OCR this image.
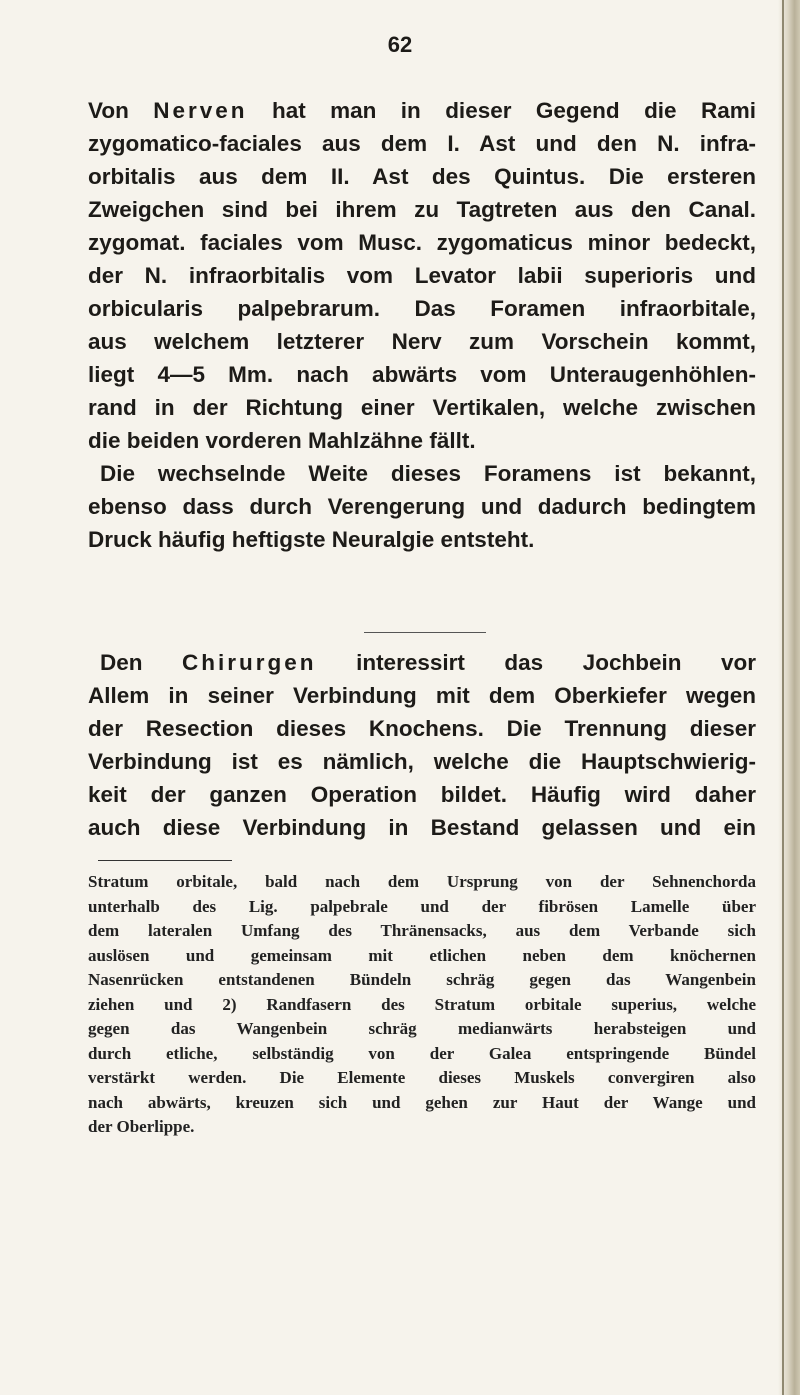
62

Von Nerven hat man in dieser Gegend die Rami

zygomatico-faciales aus dem I. Ast und den N. infra-

orbitalis aus dem II. Ast des Quintus. Die ersteren

Zweigchen sind bei ihrem zu Tagtreten aus den Canal.

zygomat. faciales vom Musc. zygomaticus minor bedeckt,

der N. infraorbitalis vom Levator labii superioris und

orbicularis palpebrarum. Das Foramen infraorbitale,

aus welchem letzterer Nerv zum Vorschein kommt,

liegt 4—5 Mm. nach abwärts vom Unteraugenhöhlen-

rand in der Richtung einer Vertikalen, welche zwischen

die beiden vorderen Mahlzähne fällt.

Die wechselnde Weite dieses Foramens ist bekannt,

ebenso dass durch Verengerung und dadurch bedingtem

Druck häufig heftigste Neuralgie entsteht.

Den Chirurgen interessirt das Jochbein vor

Allem in seiner Verbindung mit dem Oberkiefer wegen

der Resection dieses Knochens. Die Trennung dieser

Verbindung ist es nämlich, welche die Hauptschwierig-

keit der ganzen Operation bildet. Häufig wird daher

auch diese Verbindung in Bestand gelassen und ein

Stratum orbitale, bald nach dem Ursprung von der Sehnenchorda

unterhalb des Lig. palpebrale und der fibrösen Lamelle über

dem lateralen Umfang des Thränensacks, aus dem Verbande sich

auslösen und gemeinsam mit etlichen neben dem knöchernen

Nasenrücken entstandenen Bündeln schräg gegen das Wangenbein

ziehen und 2) Randfasern des Stratum orbitale superius, welche

gegen das Wangenbein schräg medianwärts herabsteigen und

durch etliche, selbständig von der Galea entspringende Bündel

verstärkt werden. Die Elemente dieses Muskels convergiren also

nach abwärts, kreuzen sich und gehen zur Haut der Wange und

der Oberlippe.
